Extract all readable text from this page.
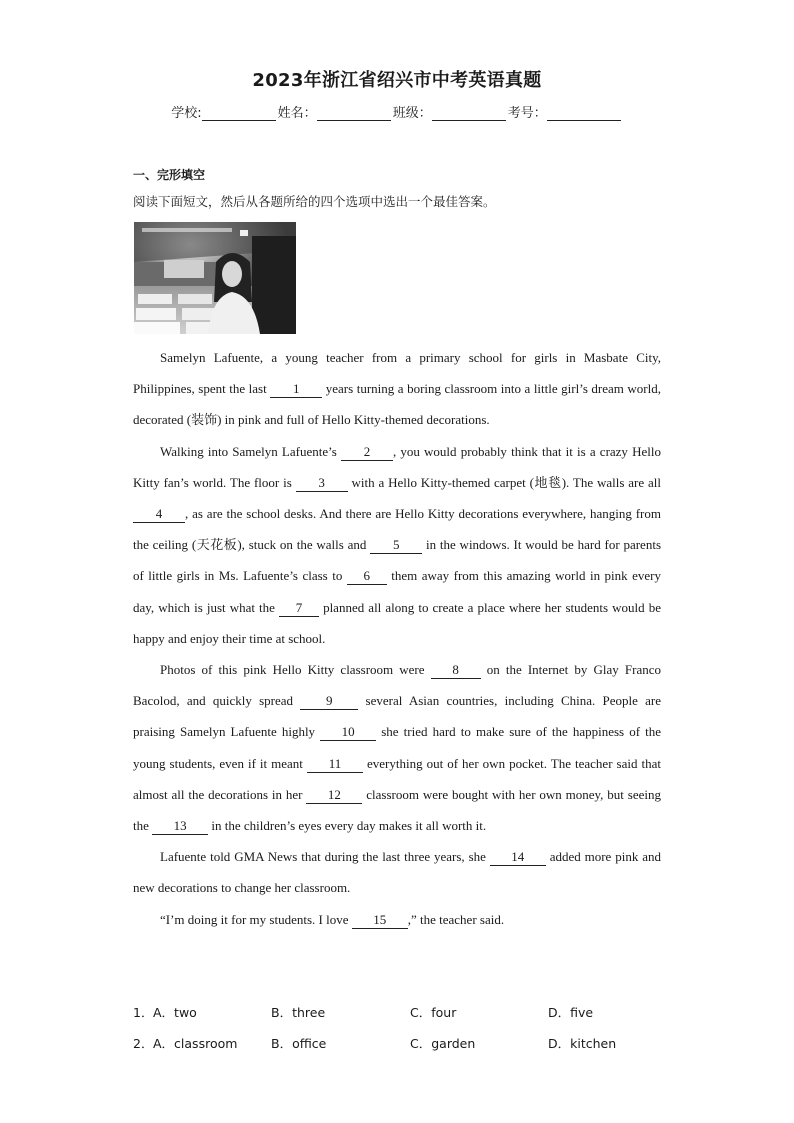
2023年浙江省绍兴市中考英语真题
学校:	姓名：	班级：	考号：
一、完形填空
阅读下面短文，然后从各题所给的四个选项中选出一个最佳答案。

Samelyn Lafuente, a young teacher from a primary school for girls in Masbate City, Philippines, spent the last 1 years turning a boring classroom into a little girl’s dream world, decorated (装饰) in pink and full of Hello Kitty-themed decorations.

Walking into Samelyn Lafuente’s 2 , you would probably think that it is a crazy Hello Kitty fan’s world. The floor is 3 with a Hello Kitty-themed carpet (地毯). The walls are all 4 , as are the school desks. And there are Hello Kitty decorations everywhere, hanging from the ceiling (天花板), stuck on the walls and 5 in the windows. It would be hard for parents of little girls in Ms. Lafuente’s class to 6 them away from this amazing world in pink every day, which is just what the 7 planned all along to create a place where her students would be happy and enjoy their time at school.

Photos of this pink Hello Kitty classroom were 8 on the Internet by Glay Franco Bacolod, and quickly spread 9 several Asian countries, including China. People are praising Samelyn Lafuente highly 10 she tried hard to make sure of the happiness of the young students, even if it meant 11 everything out of her own pocket. The teacher said that almost all the decorations in her 12 classroom were bought with her own money, but seeing the 13 in the children’s eyes every day makes it all worth it.

Lafuente told GMA News that during the last three years, she 14 added more pink and new decorations to change her classroom.

“I’m doing it for my students. I love 15 ,” the teacher said.

1． A．two	B．three	C．four	D．five
2． A．classroom	B．office	C．garden	D．kitchen
